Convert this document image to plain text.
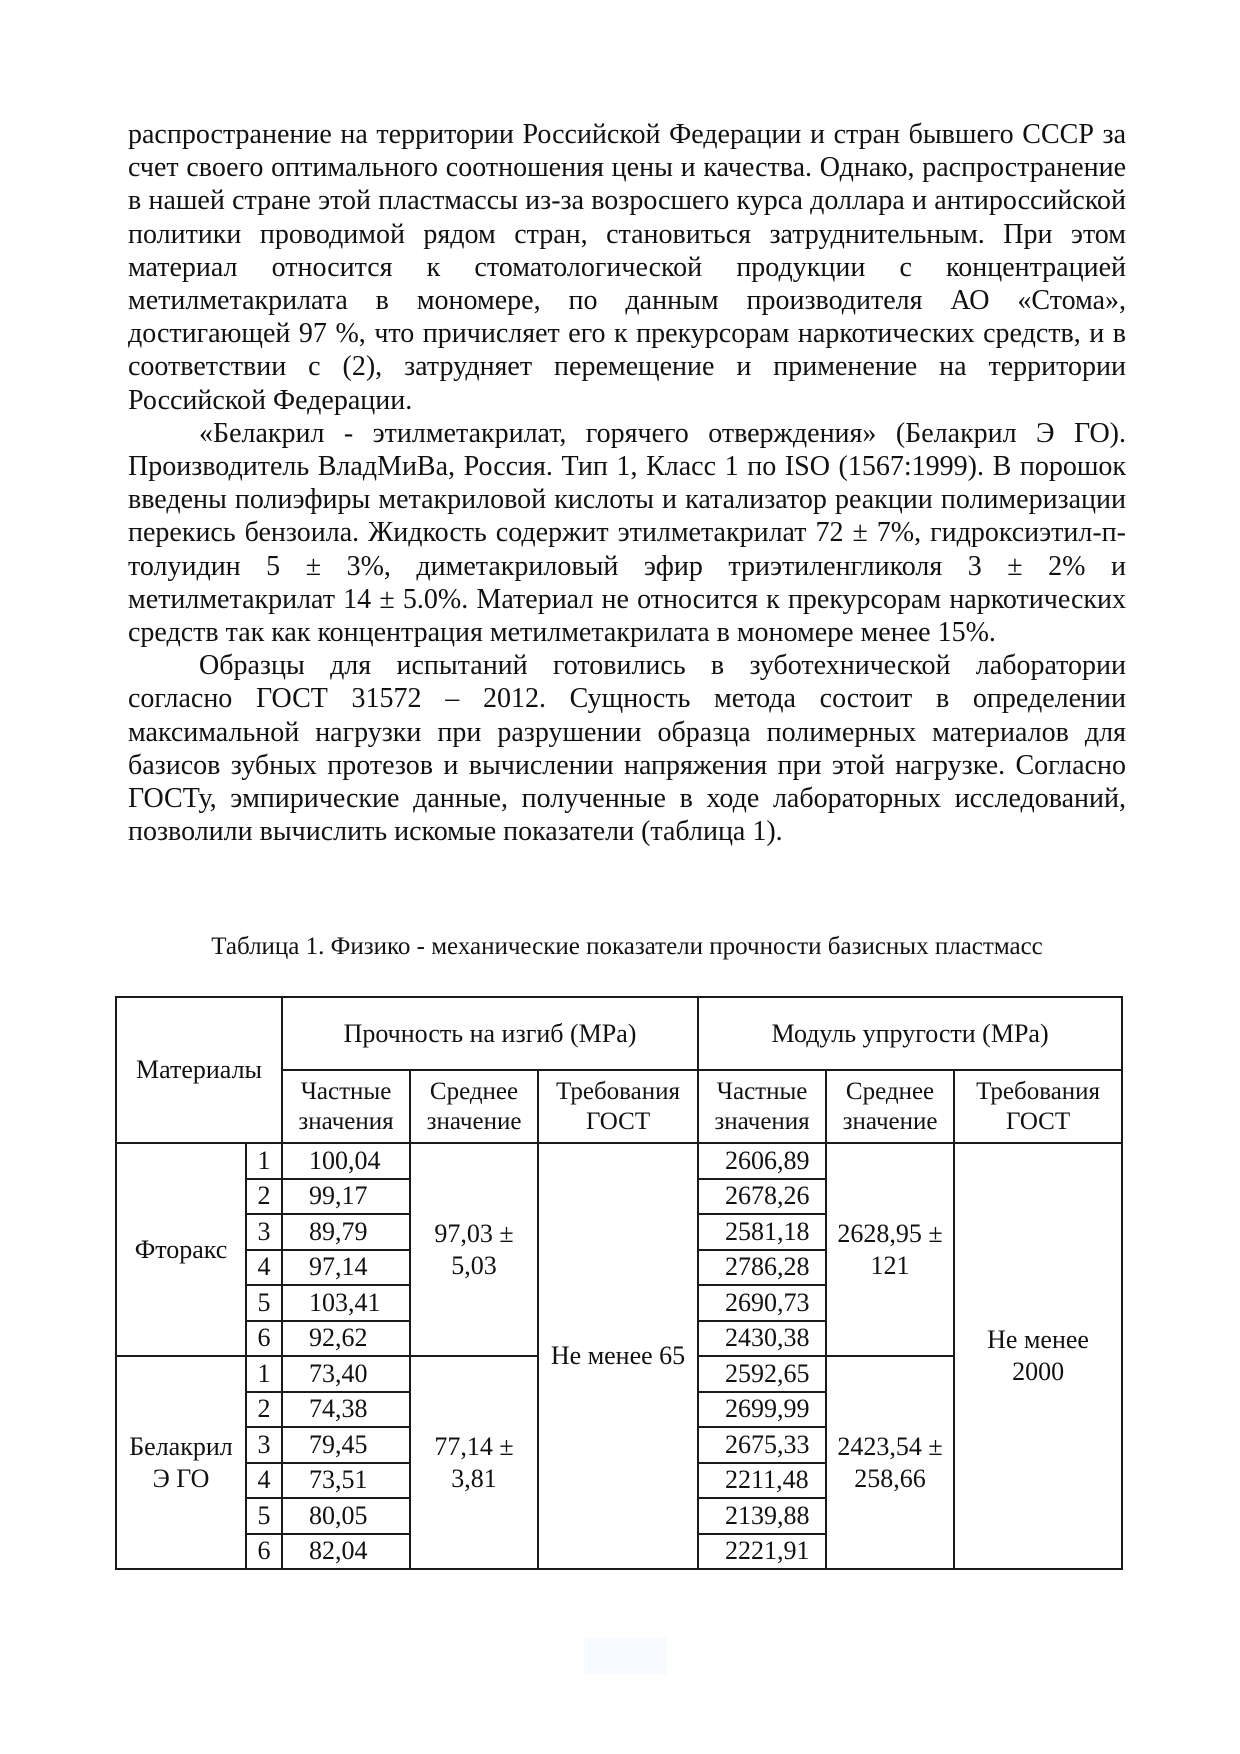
распространение на территории Российской Федерации и стран бывшего СССР за счет своего оптимального соотношения цены и качества. Однако, распространение в нашей стране этой пластмассы из-за возросшего курса доллара и антироссийской политики проводимой рядом стран, становиться затруднительным. При этом материал относится к стоматологической продукции с концентрацией метилметакрилата в мономере, по данным производителя АО «Стома», достигающей 97 %, что причисляет его к прекурсорам наркотических средств, и в соответствии с (2), затрудняет перемещение и применение на территории Российской Федерации.

«Белакрил - этилметакрилат, горячего отверждения» (Белакрил Э ГО). Производитель ВладМиВа, Россия. Тип 1, Класс 1 по ISO (1567:1999). В порошок введены полиэфиры метакриловой кислоты и катализатор реакции полимеризации перекись бензоила. Жидкость содержит этилметакрилат 72 ± 7%, гидроксиэтил-п-толуидин 5 ± 3%, диметакриловый эфир триэтиленгликоля 3 ± 2% и метилметакрилат 14 ± 5.0%. Материал не относится к прекурсорам наркотических средств так как концентрация метилметакрилата в мономере менее 15%.

Образцы для испытаний готовились в зуботехнической лаборатории согласно ГОСТ 31572 – 2012. Сущность метода состоит в определении максимальной нагрузки при разрушении образца полимерных материалов для базисов зубных протезов и вычислении напряжения при этой нагрузке. Согласно ГОСТу, эмпирические данные, полученные в ходе лабораторных исследований, позволили вычислить искомые показатели (таблица 1).

Таблица 1. Физико - механические показатели прочности базисных пластмасс
Материалы		Прочность на изгиб (MPa)			Модуль упругости (MPa)		
		Частные значения	Среднее значение	Требования ГОСТ	Частные значения	Среднее значение	Требования ГОСТ
Фторакс	1	100,04	97,03 ± 5,03	Не менее 65	2606,89	2628,95 ± 121	Не менее 2000
	2	99,17			2678,26		
	3	89,79			2581,18		
	4	97,14			2786,28		
	5	103,41			2690,73		
	6	92,62			2430,38		
Белакрил Э ГО	1	73,40	77,14 ± 3,81		2592,65	2423,54 ± 258,66	
	2	74,38			2699,99		
	3	79,45			2675,33		
	4	73,51			2211,48		
	5	80,05			2139,88		
	6	82,04			2221,91		
